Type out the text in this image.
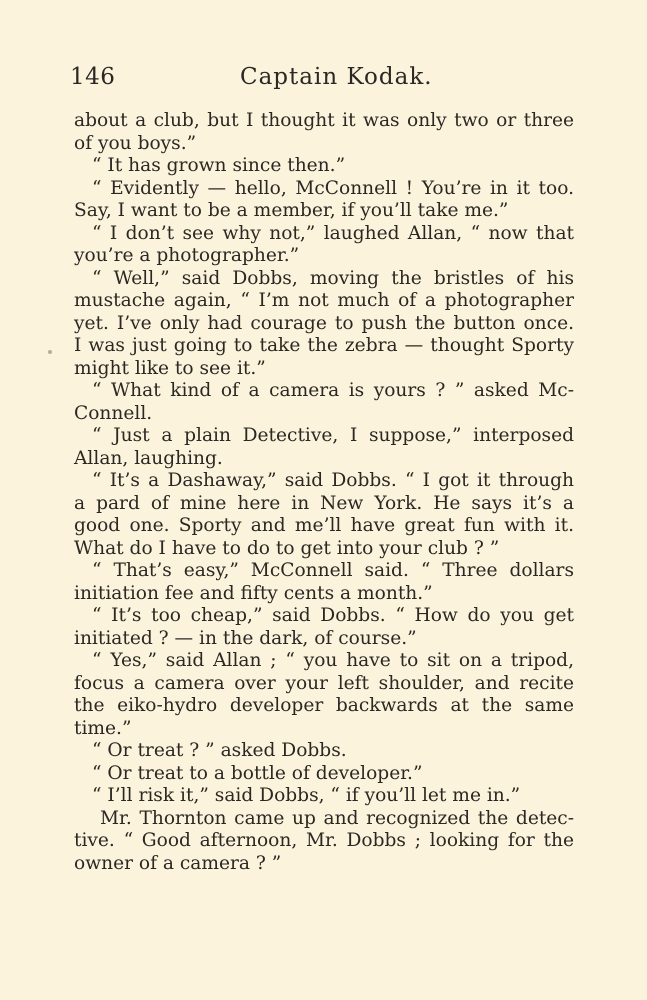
146	Captain Kodak.
about a club, but I thought it was only two or three
of you boys.”
“ It has grown since then.”
“ Evidently — hello, McConnell ! You’re in it too.
Say, I want to be a member, if you’ll take me.”
“ I don’t see why not,” laughed Allan, “ now that
you’re a photographer.”
“ Well,” said Dobbs, moving the bristles of his
mustache again, “ I’m not much of a photographer
yet. I’ve only had courage to push the button once.
I was just going to take the zebra — thought Sporty
might like to see it.”
“ What kind of a camera is yours ? ” asked Mc-
Connell.
“ Just a plain Detective, I suppose,” interposed
Allan, laughing.
“ It’s a Dashaway,” said Dobbs. “ I got it through
a pard of mine here in New York. He says it’s a
good one. Sporty and me’ll have great fun with it.
What do I have to do to get into your club ? ”
“ That’s easy,” McConnell said. “ Three dollars
initiation fee and fifty cents a month.”
“ It’s too cheap,” said Dobbs. “ How do you get
initiated ? — in the dark, of course.”
“ Yes,” said Allan ; “ you have to sit on a tripod,
focus a camera over your left shoulder, and recite
the eiko-hydro developer backwards at the same
time.”
“ Or treat ? ” asked Dobbs.
“ Or treat to a bottle of developer.”
“ I’ll risk it,” said Dobbs, “ if you’ll let me in.”
Mr. Thornton came up and recognized the detec-
tive. “ Good afternoon, Mr. Dobbs ; looking for the
owner of a camera ? ”
